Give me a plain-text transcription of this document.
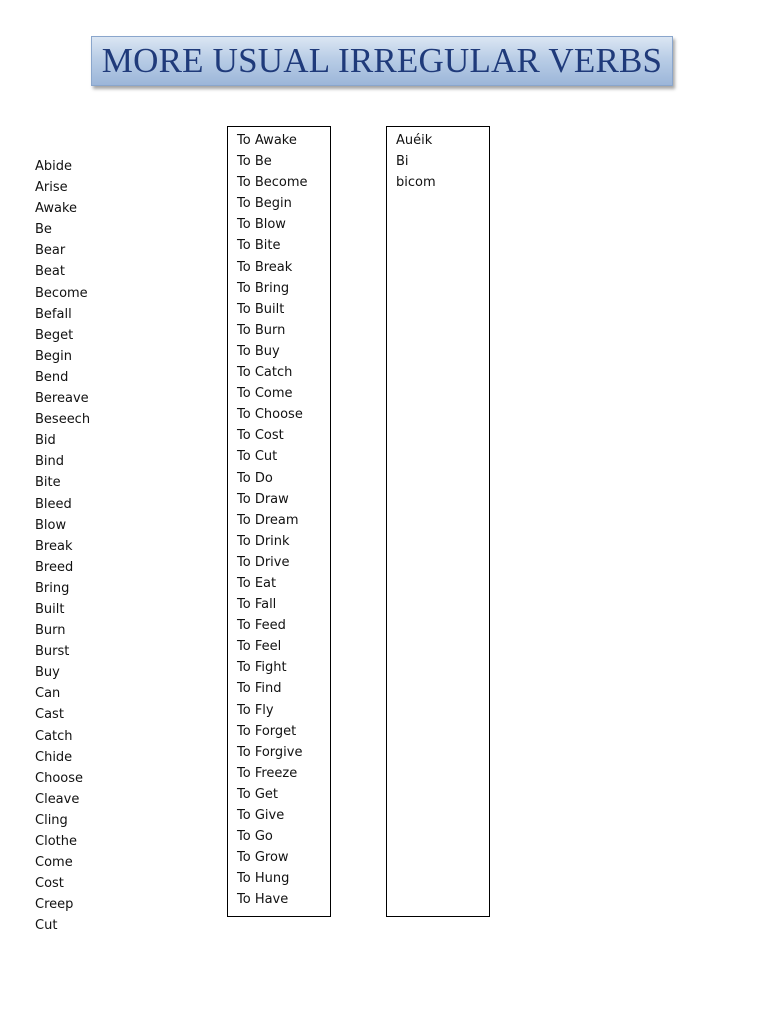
MORE USUAL IRREGULAR VERBS
Abide
Arise
Awake
Be
Bear
Beat
Become
Befall
Beget
Begin
Bend
Bereave
Beseech
Bid
Bind
Bite
Bleed
Blow
Break
Breed
Bring
Built
Burn
Burst
Buy
Can
Cast
Catch
Chide
Choose
Cleave
Cling
Clothe
Come
Cost
Creep
Cut
To Awake
To Be
To Become
To Begin
To Blow
To Bite
To Break
To Bring
To Built
To Burn
To Buy
To Catch
To Come
To Choose
To Cost
To Cut
To Do
To Draw
To Dream
To Drink
To Drive
To Eat
To Fall
To Feed
To Feel
To Fight
To Find
To Fly
To Forget
To Forgive
To Freeze
To Get
To Give
To Go
To Grow
To Hung
To Have
Auéik
Bi
bicom
